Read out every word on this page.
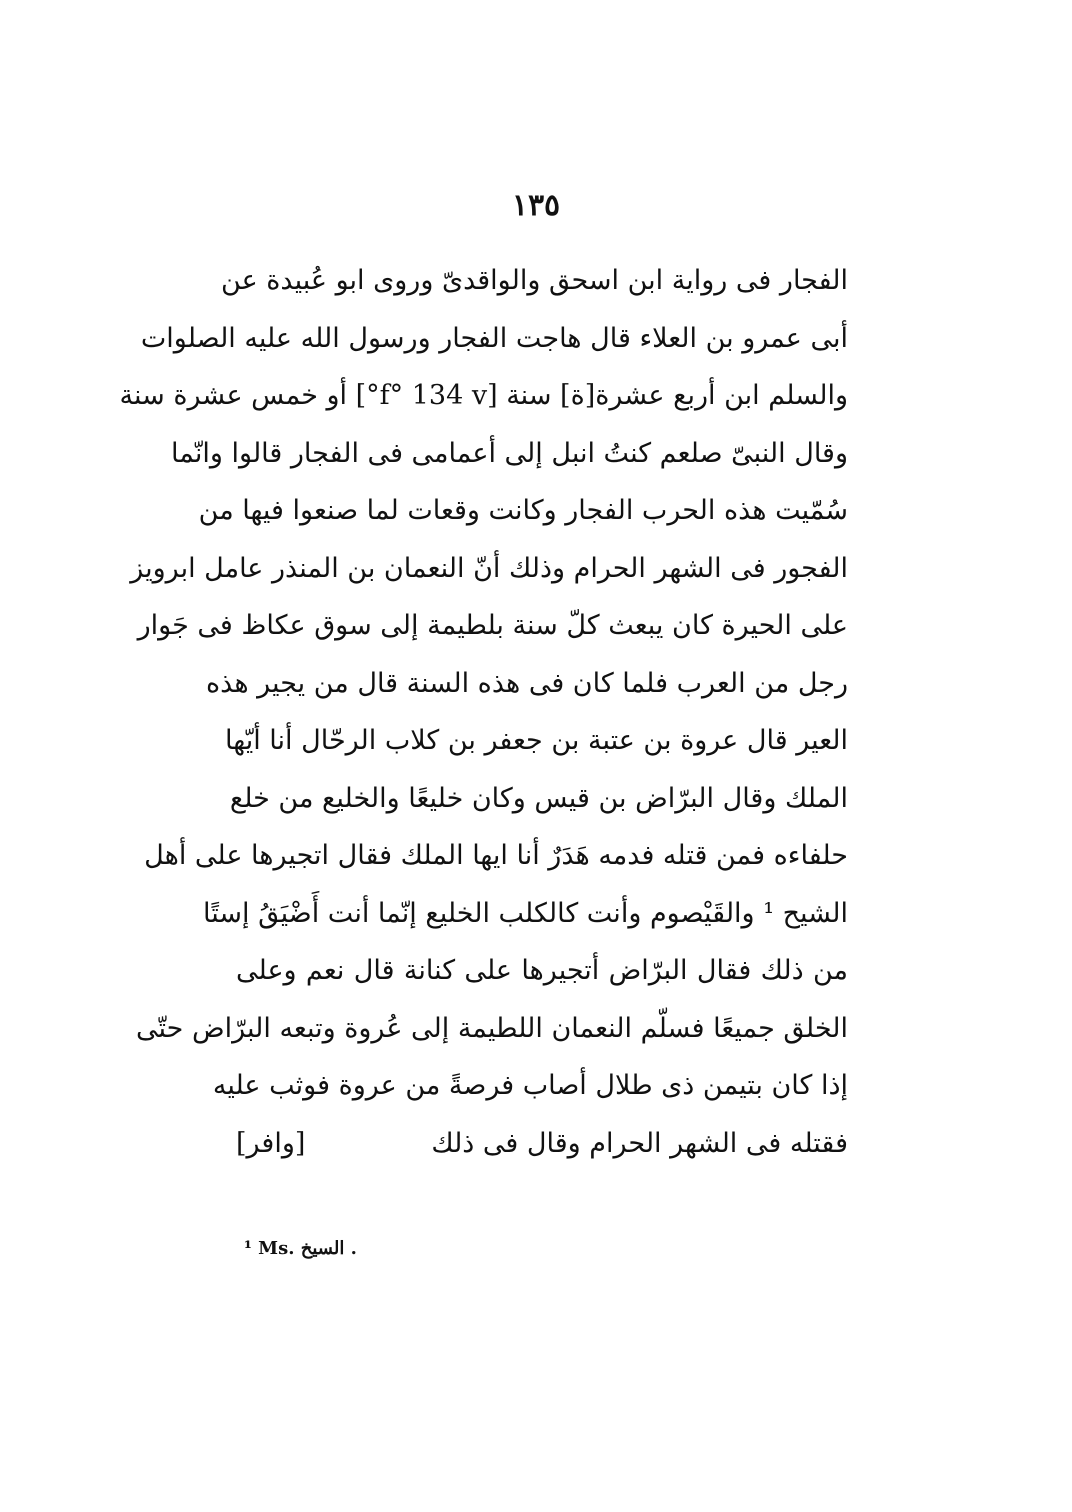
١٣٥
الفجار فى رواية ابن اسحق والواقدىّ وروى ابو عُبيدة عن
أبى عمرو بن العلاء قال هاجت الفجار ورسول الله عليه الصلوات
والسلم ابن أربع عشرة[ة] سنة [f° 134 v°] أو خمس عشرة سنة
وقال النبىّ صلعم كنتُ انبل إلى أعمامى فى الفجار قالوا وانّما
سُمّيت هذه الحرب الفجار وكانت وقعات لما صنعوا فيها من
الفجور فى الشهر الحرام وذلك أنّ النعمان بن المنذر عامل ابرويز
على الحيرة كان يبعث كلّ سنة بلطيمة إلى سوق عكاظ فى جَوار
رجل من العرب فلما كان فى هذه السنة قال من يجير هذه
العير قال عروة بن عتبة بن جعفر بن كلاب الرحّال أنا أيّها
الملك وقال البرّاض بن قيس وكان خليعًا والخليع من خلع
حلفاءه فمن قتله فدمه هَدَرٌ أنا ايها الملك فقال اتجيرها على أهل
الشيح ¹ والقَيْصوم وأنت كالكلب الخليع إنّما أنت أَضْيَقُ إستًا
من ذلك فقال البرّاض أتجيرها على كنانة قال نعم وعلى
الخلق جميعًا فسلّم النعمان اللطيمة إلى عُروة وتبعه البرّاض حتّى
إذا كان بتيمن ذى طلال أصاب فرصةً من عروة فوثب عليه
فقتله فى الشهر الحرام وقال فى ذلك
[وافر]
¹ Ms. السيخ .
